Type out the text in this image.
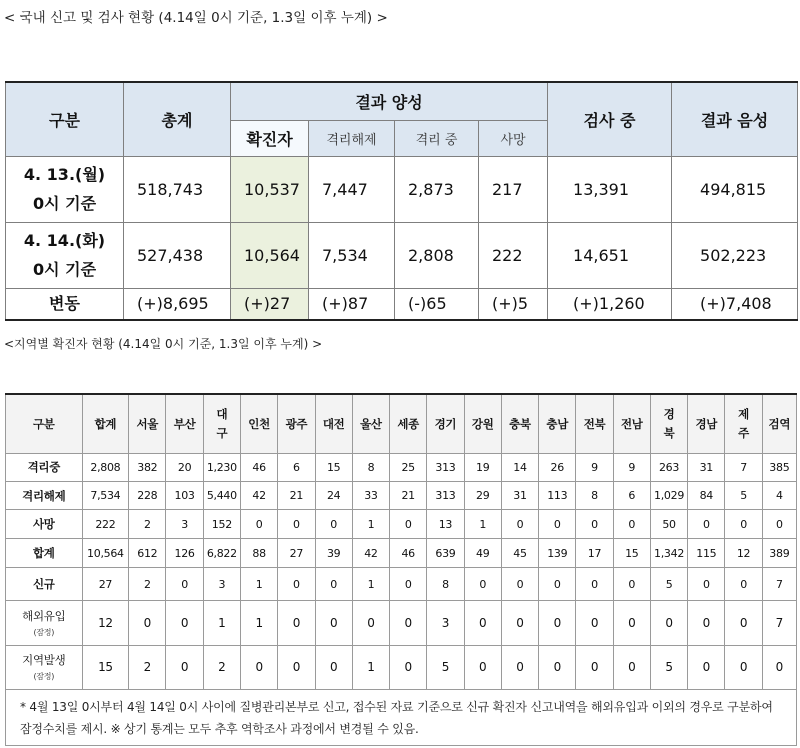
< 국내 신고 및 검사 현황 (4.14일 0시 기준, 1.3일 이후 누계) >
구분	총계	결과 양성				검사 중	결과 음성
		확진자	격리해제	격리 중	사망		

4. 13.(월)
0시 기준	518,743	10,537	7,447	2,873	217	13,391	494,815

4. 14.(화)
0시 기준	527,438	10,564	7,534	2,808	222	14,651	502,223
변동	(+)8,695	(+)27	(+)87	(-)65	(+)5	(+)1,260	(+)7,408
<지역별 확진자 현황 (4.14일 0시 기준, 1.3일 이후 누계) >
구분	합계	서울	부산	대구	인천	광주	대전	울산	세종	경기	강원	충북	충남	전북	전남	경북	경남	제주	검역
격리중	2,808	382	20	1,230	46	6	15	8	25	313	19	14	26	9	9	263	31	7	385
격리해제	7,534	228	103	5,440	42	21	24	33	21	313	29	31	113	8	6	1,029	84	5	4
사망	222	2	3	152	0	0	0	1	0	13	1	0	0	0	0	50	0	0	0
합계	10,564	612	126	6,822	88	27	39	42	46	639	49	45	139	17	15	1,342	115	12	389
신규	27	2	0	3	1	0	0	1	0	8	0	0	0	0	0	5	0	0	7
해외유입
(잠정)	12	0	0	1	1	0	0	0	0	3	0	0	0	0	0	0	0	0	7
지역발생
(잠정)	15	2	0	2	0	0	0	1	0	5	0	0	0	0	0	5	0	0	0
* 4월 13일 0시부터 4월 14일 0시 사이에 질병관리본부로 신고, 접수된 자료 기준으로 신규 확진자 신고내역을 해외유입과 이외의 경우로 구분하여
잠정수치를 제시. ※ 상기 통계는 모두 추후 역학조사 과정에서 변경될 수 있음.
